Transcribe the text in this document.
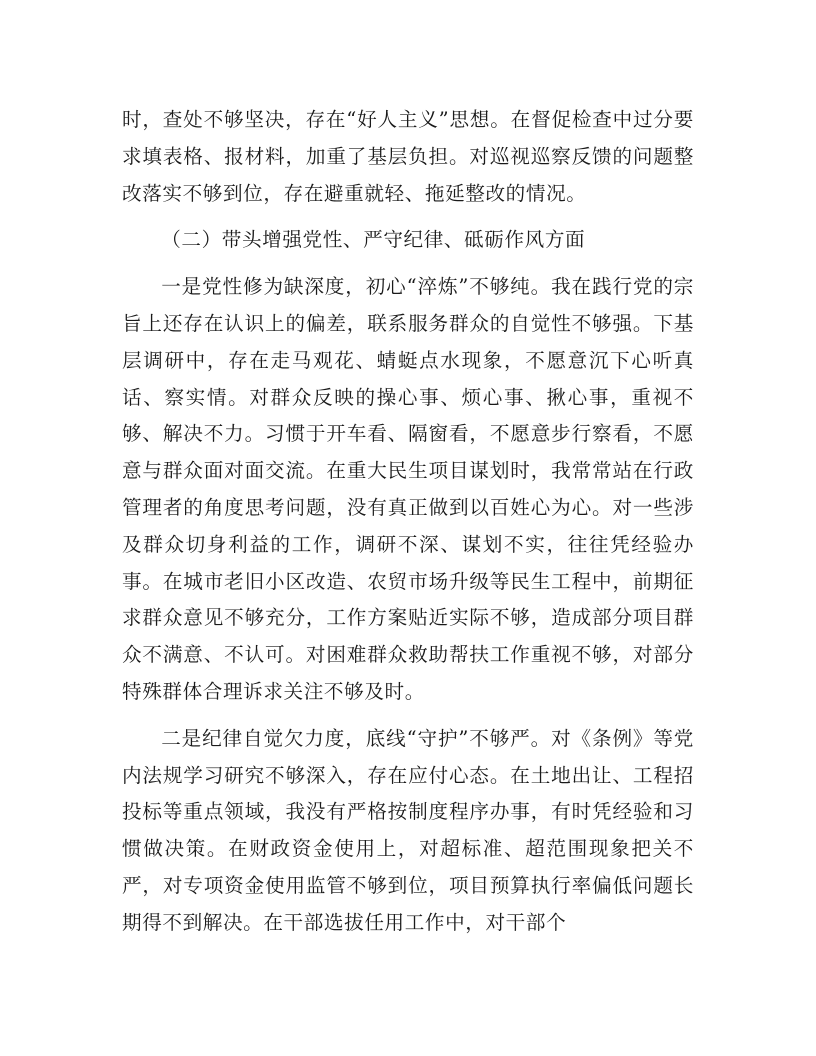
时，查处不够坚决，存在“好人主义”思想。在督促检查中过分要求填表格、报材料，加重了基层负担。对巡视巡察反馈的问题整改落实不够到位，存在避重就轻、拖延整改的情况。

（二）带头增强党性、严守纪律、砥砺作风方面

一是党性修为缺深度，初心“淬炼”不够纯。我在践行党的宗旨上还存在认识上的偏差，联系服务群众的自觉性不够强。下基层调研中，存在走马观花、蜻蜓点水现象，不愿意沉下心听真话、察实情。对群众反映的操心事、烦心事、揪心事，重视不够、解决不力。习惯于开车看、隔窗看，不愿意步行察看，不愿意与群众面对面交流。在重大民生项目谋划时，我常常站在行政管理者的角度思考问题，没有真正做到以百姓心为心。对一些涉及群众切身利益的工作，调研不深、谋划不实，往往凭经验办事。在城市老旧小区改造、农贸市场升级等民生工程中，前期征求群众意见不够充分，工作方案贴近实际不够，造成部分项目群众不满意、不认可。对困难群众救助帮扶工作重视不够，对部分特殊群体合理诉求关注不够及时。

二是纪律自觉欠力度，底线“守护”不够严。对《条例》等党内法规学习研究不够深入，存在应付心态。在土地出让、工程招投标等重点领域，我没有严格按制度程序办事，有时凭经验和习惯做决策。在财政资金使用上，对超标准、超范围现象把关不严，对专项资金使用监管不够到位，项目预算执行率偏低问题长期得不到解决。在干部选拔任用工作中，对干部个
